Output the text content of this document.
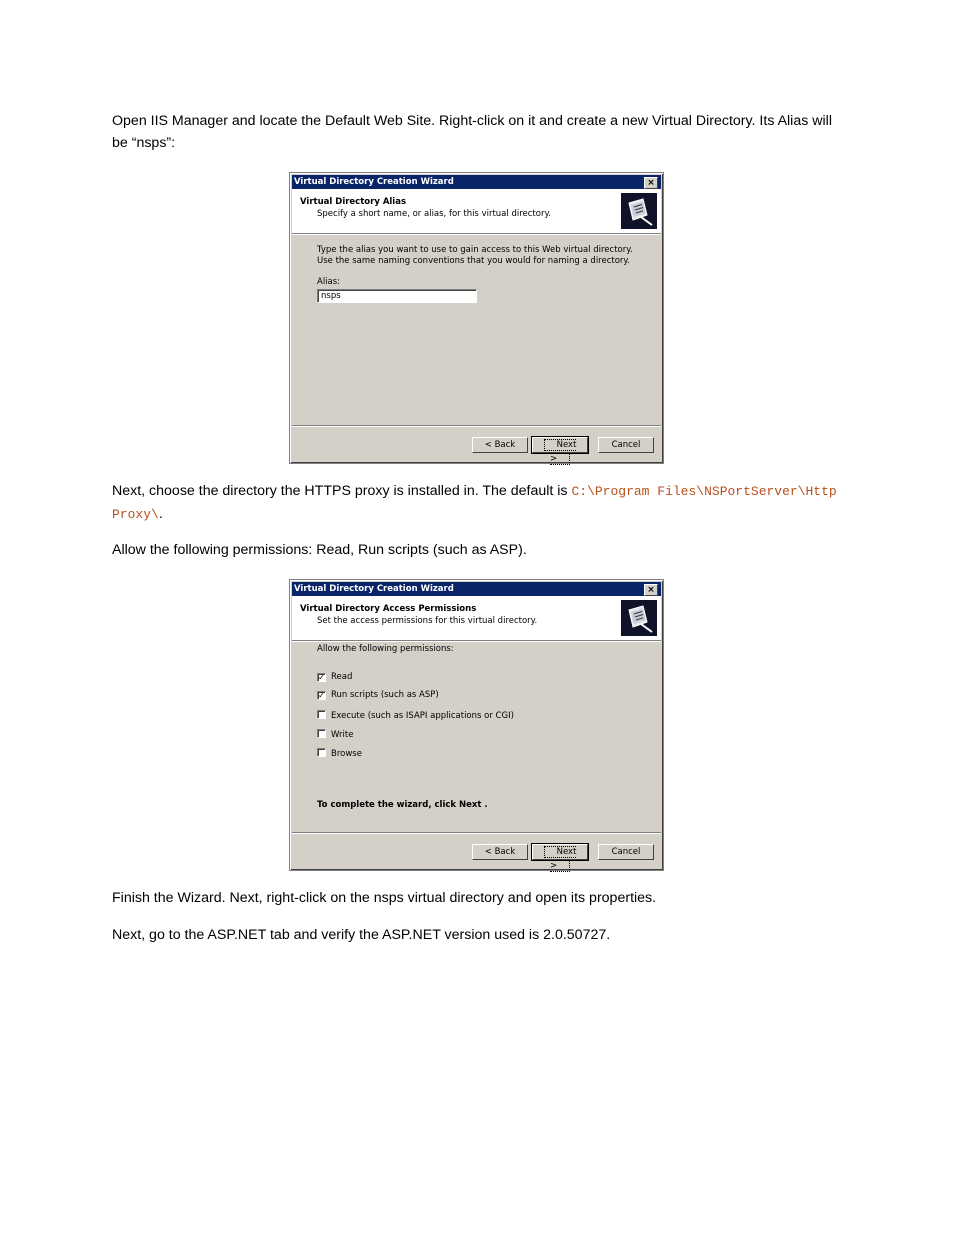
Open IIS Manager and locate the Default Web Site. Right-click on it and create a new Virtual Directory. Its Alias will be “nsps”:
Virtual Directory Creation Wizard	×
Virtual Directory Alias
Specify a short name, or alias, for this virtual directory.
Type the alias you want to use to gain access to this Web virtual directory. Use the same naming conventions that you would for naming a directory.
Alias:
nsps
< Back	Next >
Cancel
Next, choose the directory the HTTPS proxy is installed in. The default is C:\Program Files\NSPortServer\Http Proxy\.
Allow the following permissions: Read, Run scripts (such as ASP).
Virtual Directory Creation Wizard	×
Virtual Directory Access Permissions
Set the access permissions for this virtual directory.
Allow the following permissions:
✓ Read
✓ Run scripts (such as ASP)
Execute (such as ISAPI applications or CGI)
Write
Browse
To complete the wizard, click Next .
< Back	Next >
Cancel
Finish the Wizard. Next, right-click on the nsps virtual directory and open its properties.
Next, go to the ASP.NET tab and verify the ASP.NET version used is 2.0.50727.
